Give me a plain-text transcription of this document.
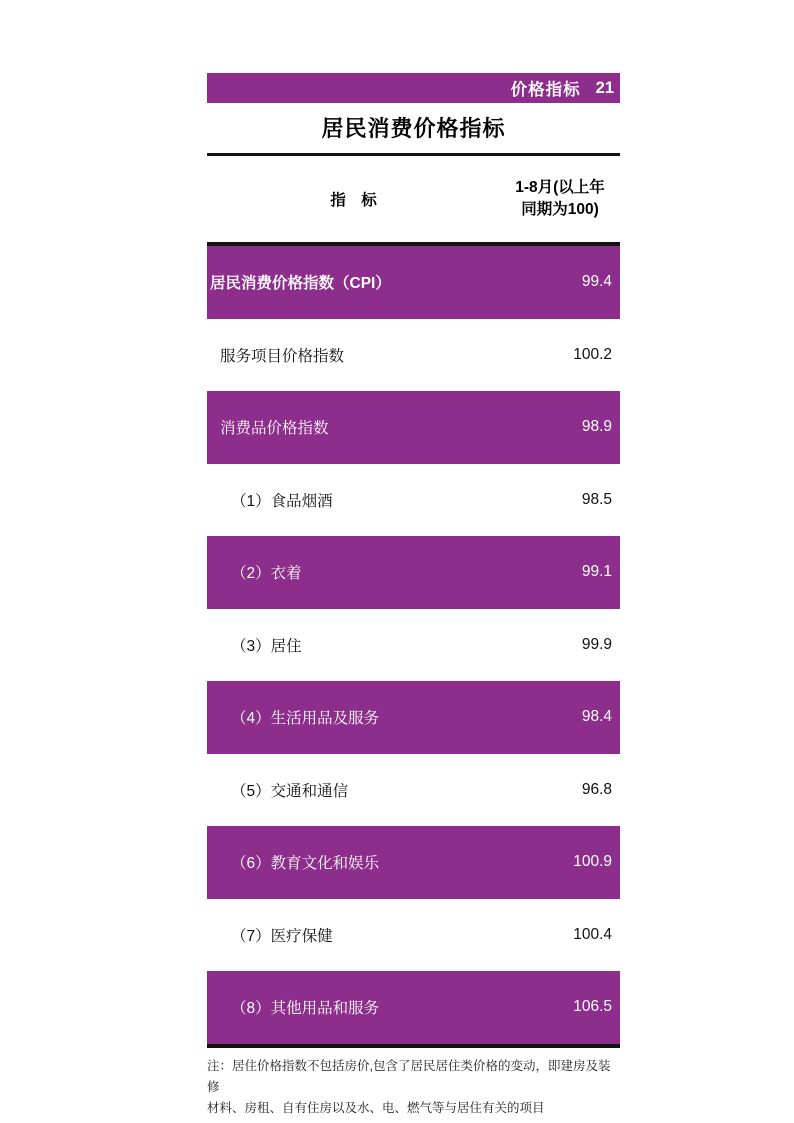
价格指标 21
居民消费价格指标
指　标
1-8月(以上年
同期为100)
居民消费价格指数（CPI）	99.4
服务项目价格指数	100.2
消费品价格指数	98.9
（1）食品烟酒	98.5
（2）衣着	99.1
（3）居住	99.9
（4）生活用品及服务	98.4
（5）交通和通信	96.8
（6）教育文化和娱乐	100.9
（7）医疗保健	100.4
（8）其他用品和服务	106.5
注：居住价格指数不包括房价,包含了居民居住类价格的变动，即建房及装修
材料、房租、自有住房以及水、电、燃气等与居住有关的项目
